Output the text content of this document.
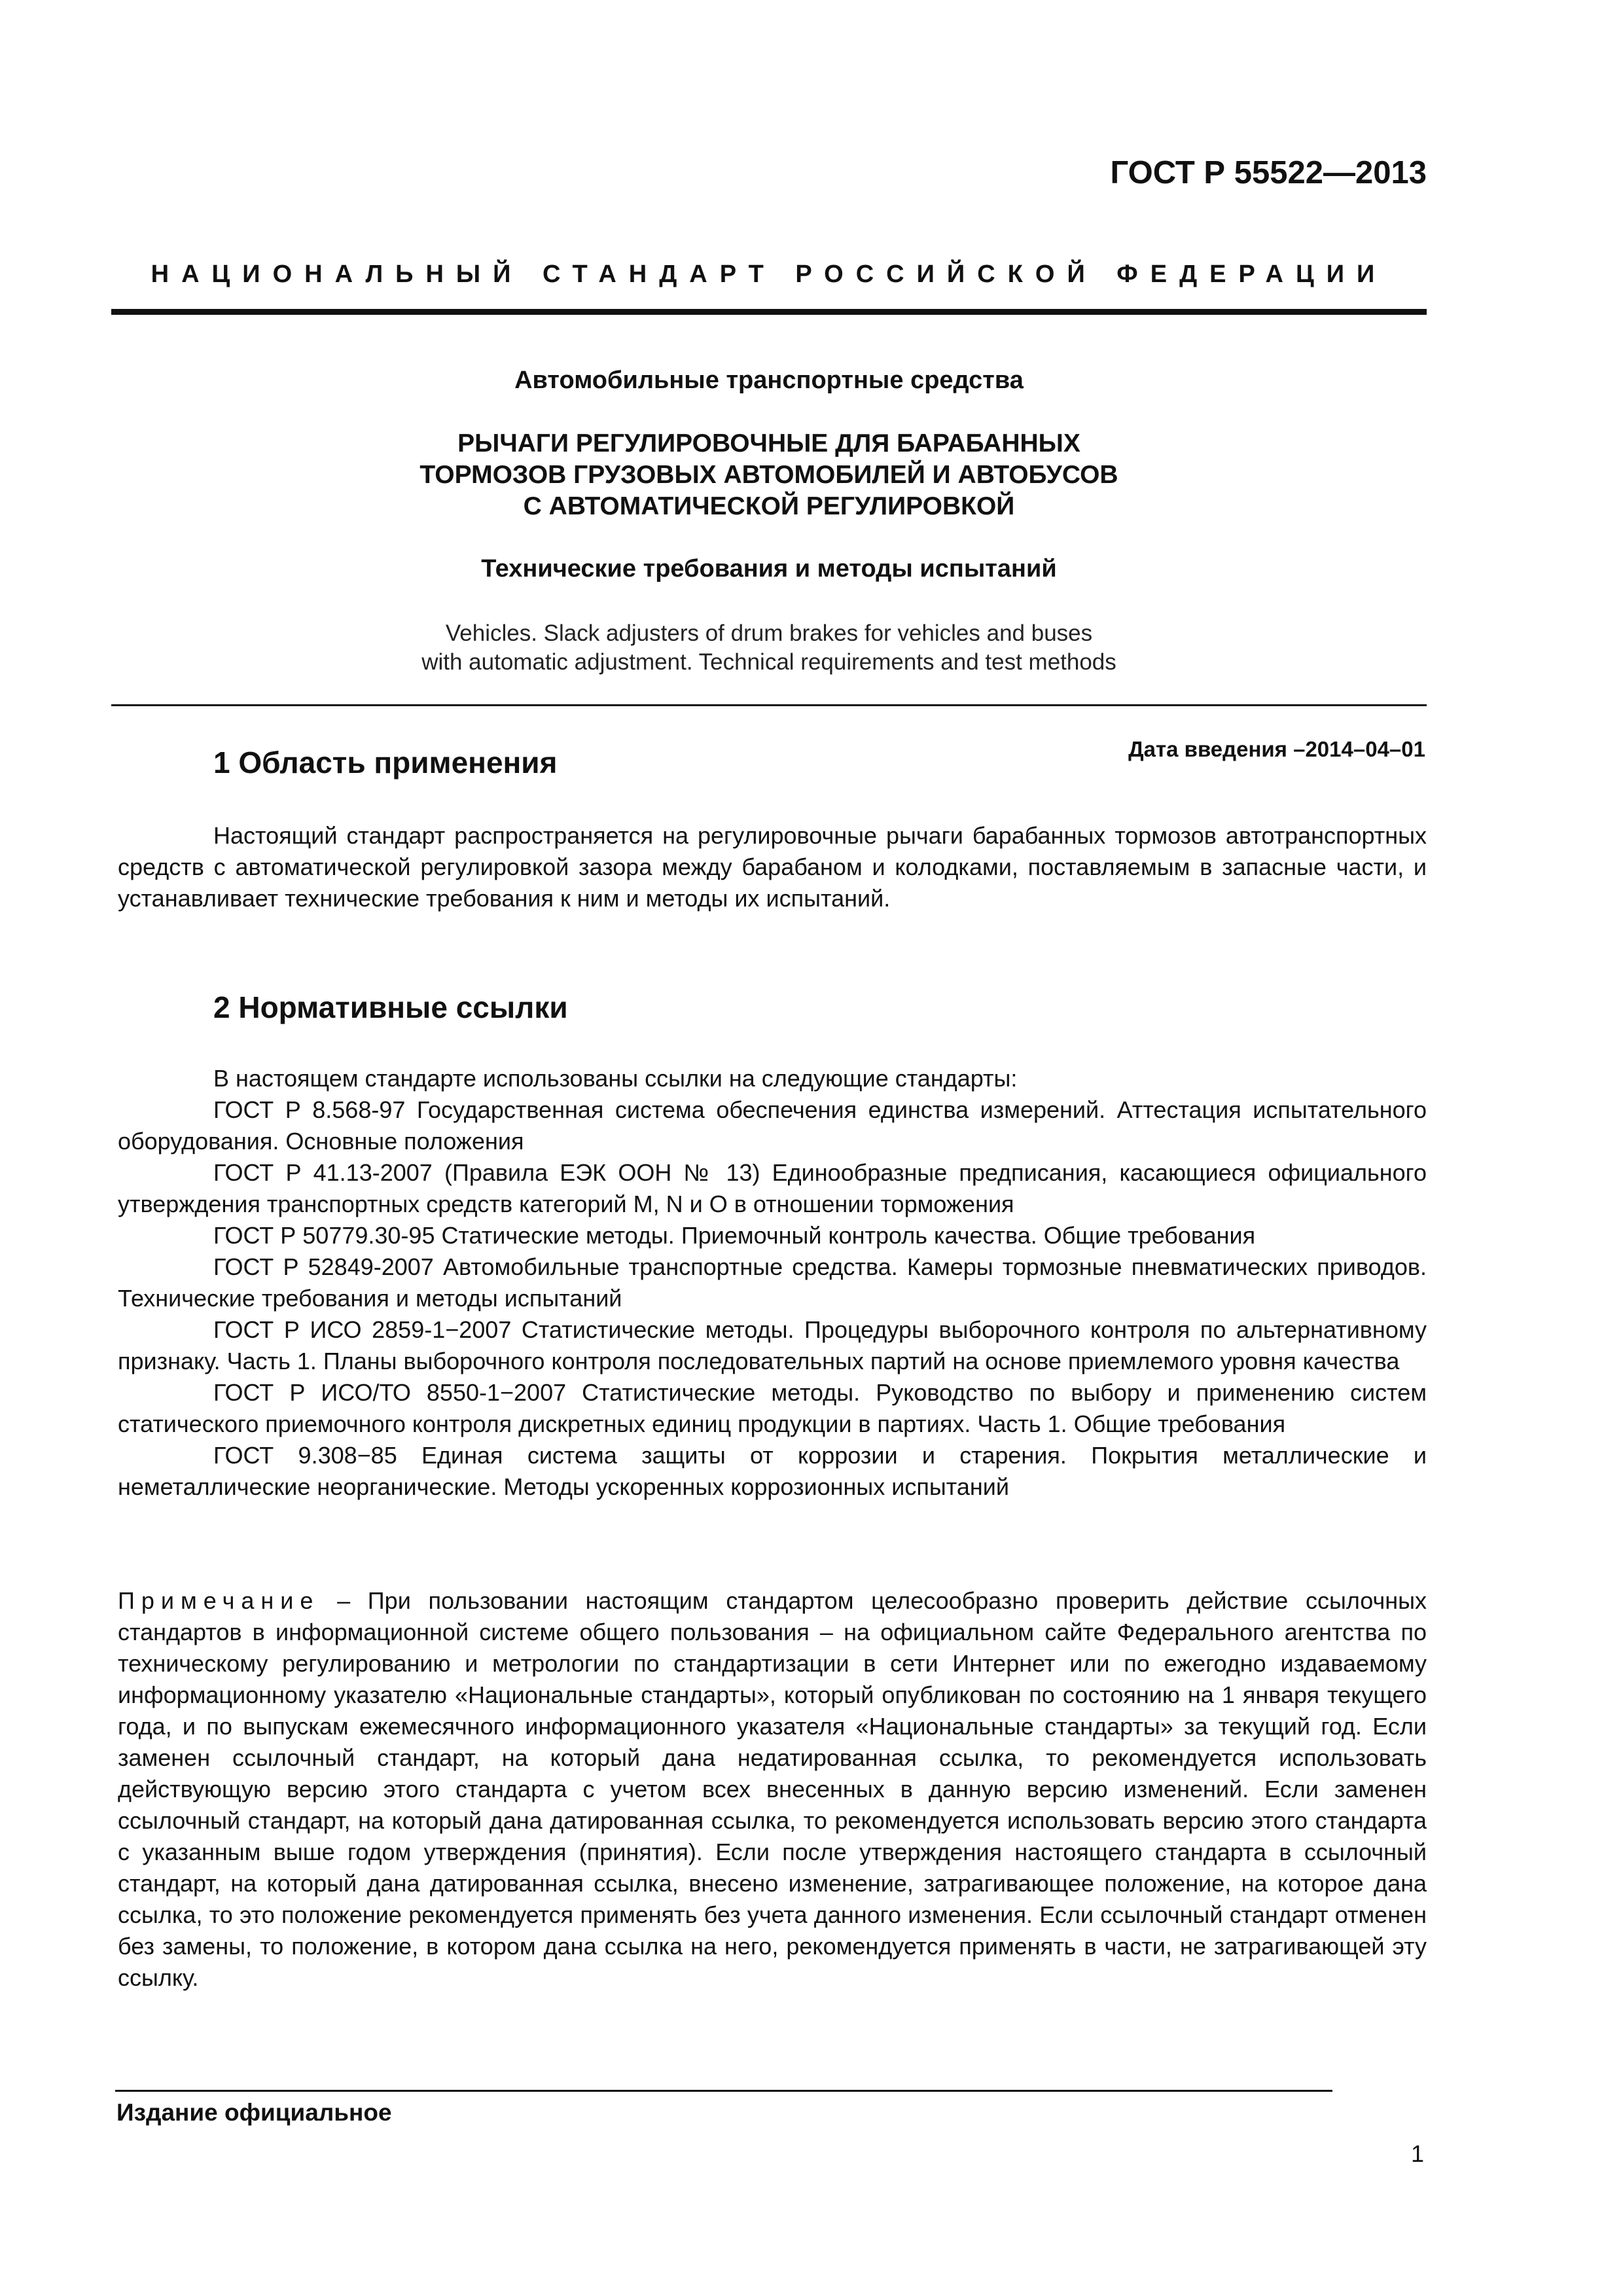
ГОСТ Р 55522—2013
НАЦИОНАЛЬНЫЙ СТАНДАРТ РОССИЙСКОЙ ФЕДЕРАЦИИ
Автомобильные транспортные средства
РЫЧАГИ РЕГУЛИРОВОЧНЫЕ ДЛЯ БАРАБАННЫХ
ТОРМОЗОВ ГРУЗОВЫХ АВТОМОБИЛЕЙ И АВТОБУСОВ
С АВТОМАТИЧЕСКОЙ РЕГУЛИРОВКОЙ
Технические требования и методы испытаний
Vehicles. Slack adjusters of drum brakes for vehicles and buses
with automatic adjustment. Technical requirements and test methods
1 Область применения	Дата введения –2014–04–01

Настоящий стандарт распространяется на регулировочные рычаги барабанных тормозов автотранспортных средств с автоматической регулировкой зазора между барабаном и колодками, поставляемым в запасные части, и устанавливает технические требования к ним и методы их испытаний.

2 Нормативные ссылки

В настоящем стандарте использованы ссылки на следующие стандарты:

ГОСТ Р 8.568-97 Государственная система обеспечения единства измерений. Аттестация испытательного оборудования. Основные положения

ГОСТ Р 41.13-2007 (Правила ЕЭК ООН № 13) Единообразные предписания, касающиеся официального утверждения транспортных средств категорий M, N и O в отношении торможения

ГОСТ Р 50779.30-95 Статические методы. Приемочный контроль качества. Общие требования

ГОСТ Р 52849-2007 Автомобильные транспортные средства. Камеры тормозные пневматических приводов. Технические требования и методы испытаний

ГОСТ Р ИСО 2859-1−2007 Статистические методы. Процедуры выборочного контроля по альтернативному признаку. Часть 1. Планы выборочного контроля последовательных партий на основе приемлемого уровня качества

ГОСТ Р ИСО/ТО 8550-1−2007 Статистические методы. Руководство по выбору и применению систем статического приемочного контроля дискретных единиц продукции в партиях. Часть 1. Общие требования

ГОСТ 9.308−85 Единая система защиты от коррозии и старения. Покрытия металлические и неметаллические неорганические. Методы ускоренных коррозионных испытаний

Примечание – При пользовании настоящим стандартом целесообразно проверить действие ссылочных стандартов в информационной системе общего пользования – на официальном сайте Федерального агентства по техническому регулированию и метрологии по стандартизации в сети Интернет или по ежегодно издаваемому информационному указателю «Национальные стандарты», который опубликован по состоянию на 1 января текущего года, и по выпускам ежемесячного информационного указателя «Национальные стандарты» за текущий год. Если заменен ссылочный стандарт, на который дана недатированная ссылка, то рекомендуется использовать действующую версию этого стандарта с учетом всех внесенных в данную версию изменений. Если заменен ссылочный стандарт, на который дана датированная ссылка, то рекомендуется использовать версию этого стандарта с указанным выше годом утверждения (принятия). Если после утверждения настоящего стандарта в ссылочный стандарт, на который дана датированная ссылка, внесено изменение, затрагивающее положение, на которое дана ссылка, то это положение рекомендуется применять без учета данного изменения. Если ссылочный стандарт отменен без замены, то положение, в котором дана ссылка на него, рекомендуется применять в части, не затрагивающей эту ссылку.

Издание официальное
1
